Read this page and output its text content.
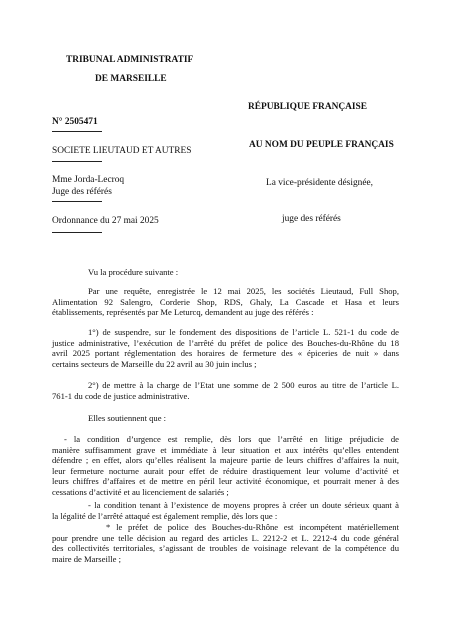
TRIBUNAL ADMINISTRATIF
DE MARSEILLE
RÉPUBLIQUE FRANÇAISE
N° 2505471
SOCIETE LIEUTAUD ET AUTRES
AU NOM DU PEUPLE FRANÇAIS
Mme Jorda-Lecroq
Juge des référés
La vice-présidente désignée,
Ordonnance du 27 mai 2025	juge des référés
Vu la procédure suivante :
Par une requête, enregistrée le 12 mai 2025, les sociétés Lieutaud, Full Shop,
Alimentation 92 Salengro, Corderie Shop, RDS, Ghaly, La Cascade et Hasa et leurs
établissements, représentés par Me Leturcq, demandent au juge des référés :
1°) de suspendre, sur le fondement des dispositions de l’article L. 521-1 du code de
justice administrative, l’exécution de l’arrêté du préfet de police des Bouches-du-Rhône du 18
avril 2025 portant réglementation des horaires de fermeture des « épiceries de nuit » dans
certains secteurs de Marseille du 22 avril au 30 juin inclus ;
2°) de mettre à la charge de l’Etat une somme de 2 500 euros au titre de l’article L.
761-1 du code de justice administrative.
Elles soutiennent que :
- la condition d’urgence est remplie, dès lors que l’arrêté en litige préjudicie de
manière suffisamment grave et immédiate à leur situation et aux intérêts qu’elles entendent
défendre ; en effet, alors qu’elles réalisent la majeure partie de leurs chiffres d’affaires la nuit,
leur fermeture nocturne aurait pour effet de réduire drastiquement leur volume d’activité et
leurs chiffres d’affaires et de mettre en péril leur activité économique, et pourrait mener à des
cessations d’activité et au licenciement de salariés ;
- la condition tenant à l’existence de moyens propres à créer un doute sérieux quant à
la légalité de l’arrêté attaqué est également remplie, dès lors que :
* le préfet de police des Bouches-du-Rhône est incompétent matériellement
pour prendre une telle décision au regard des articles L. 2212-2 et L. 2212-4 du code général
des collectivités territoriales, s’agissant de troubles de voisinage relevant de la compétence du
maire de Marseille ;
